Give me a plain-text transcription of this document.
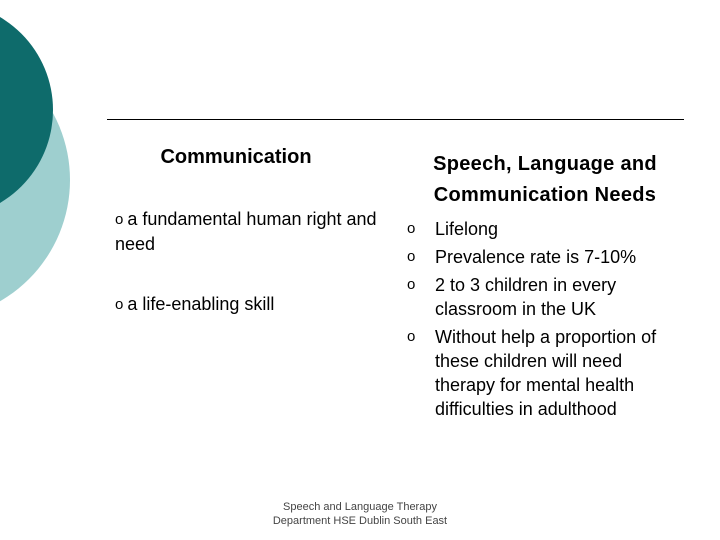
Communication
o a fundamental human right and need
o a life-enabling skill
Speech, Language and Communication Needs
o Lifelong
o Prevalence rate is 7-10%
o 2 to 3 children in every classroom in the UK
o Without help a proportion of these children will need therapy for mental health difficulties in adulthood
Speech and Language Therapy
Department HSE Dublin South East
